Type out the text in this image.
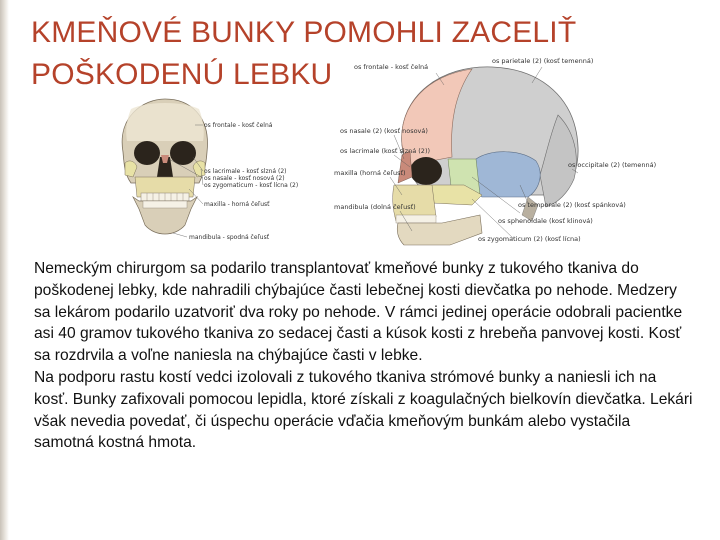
KMEŇOVÉ BUNKY POMOHLI ZACELIŤ
POŠKODENÚ LEBKU
os frontale - kosť čelná
os lacrimale - kosť slzná (2)
os nasale - kosť nosová (2)
os zygomaticum - kosť lícna (2)
maxilla - horná čeľusť
mandibula - spodná čeľusť
os frontale - kosť čelná
os parietale (2) (kosť temenná)
os nasale (2) (kosť nosová)
os lacrimale (kosť slzná (2))
maxilla (horná čeľusť)
mandibula (dolná čeľusť)
os occipitale (2) (temenná)
os temporale (2) (kosť spánková)
os sphenoidale (kosť klinová)
os zygomaticum (2) (kosť lícna)

Nemeckým chirurgom sa podarilo transplantovať kmeňové bunky z tukového tkaniva do poškodenej lebky, kde nahradili chýbajúce časti lebečnej kosti dievčatka po nehode. Medzery sa lekárom podarilo uzatvoriť dva roky po nehode. V rámci jedinej operácie odobrali pacientke asi 40 gramov tukového tkaniva zo sedacej časti a kúsok kosti z hrebeňa panvovej kosti. Kosť sa rozdrvila a voľne naniesla na chýbajúce časti v lebke.

Na podporu rastu kostí vedci izolovali z tukového tkaniva strómové bunky a naniesli ich na kosť. Bunky zafixovali pomocou lepidla, ktoré získali z koagulačných bielkovín dievčatka. Lekári však nevedia povedať, či úspechu operácie vďačia kmeňovým bunkám alebo vystačila samotná kostná hmota.
